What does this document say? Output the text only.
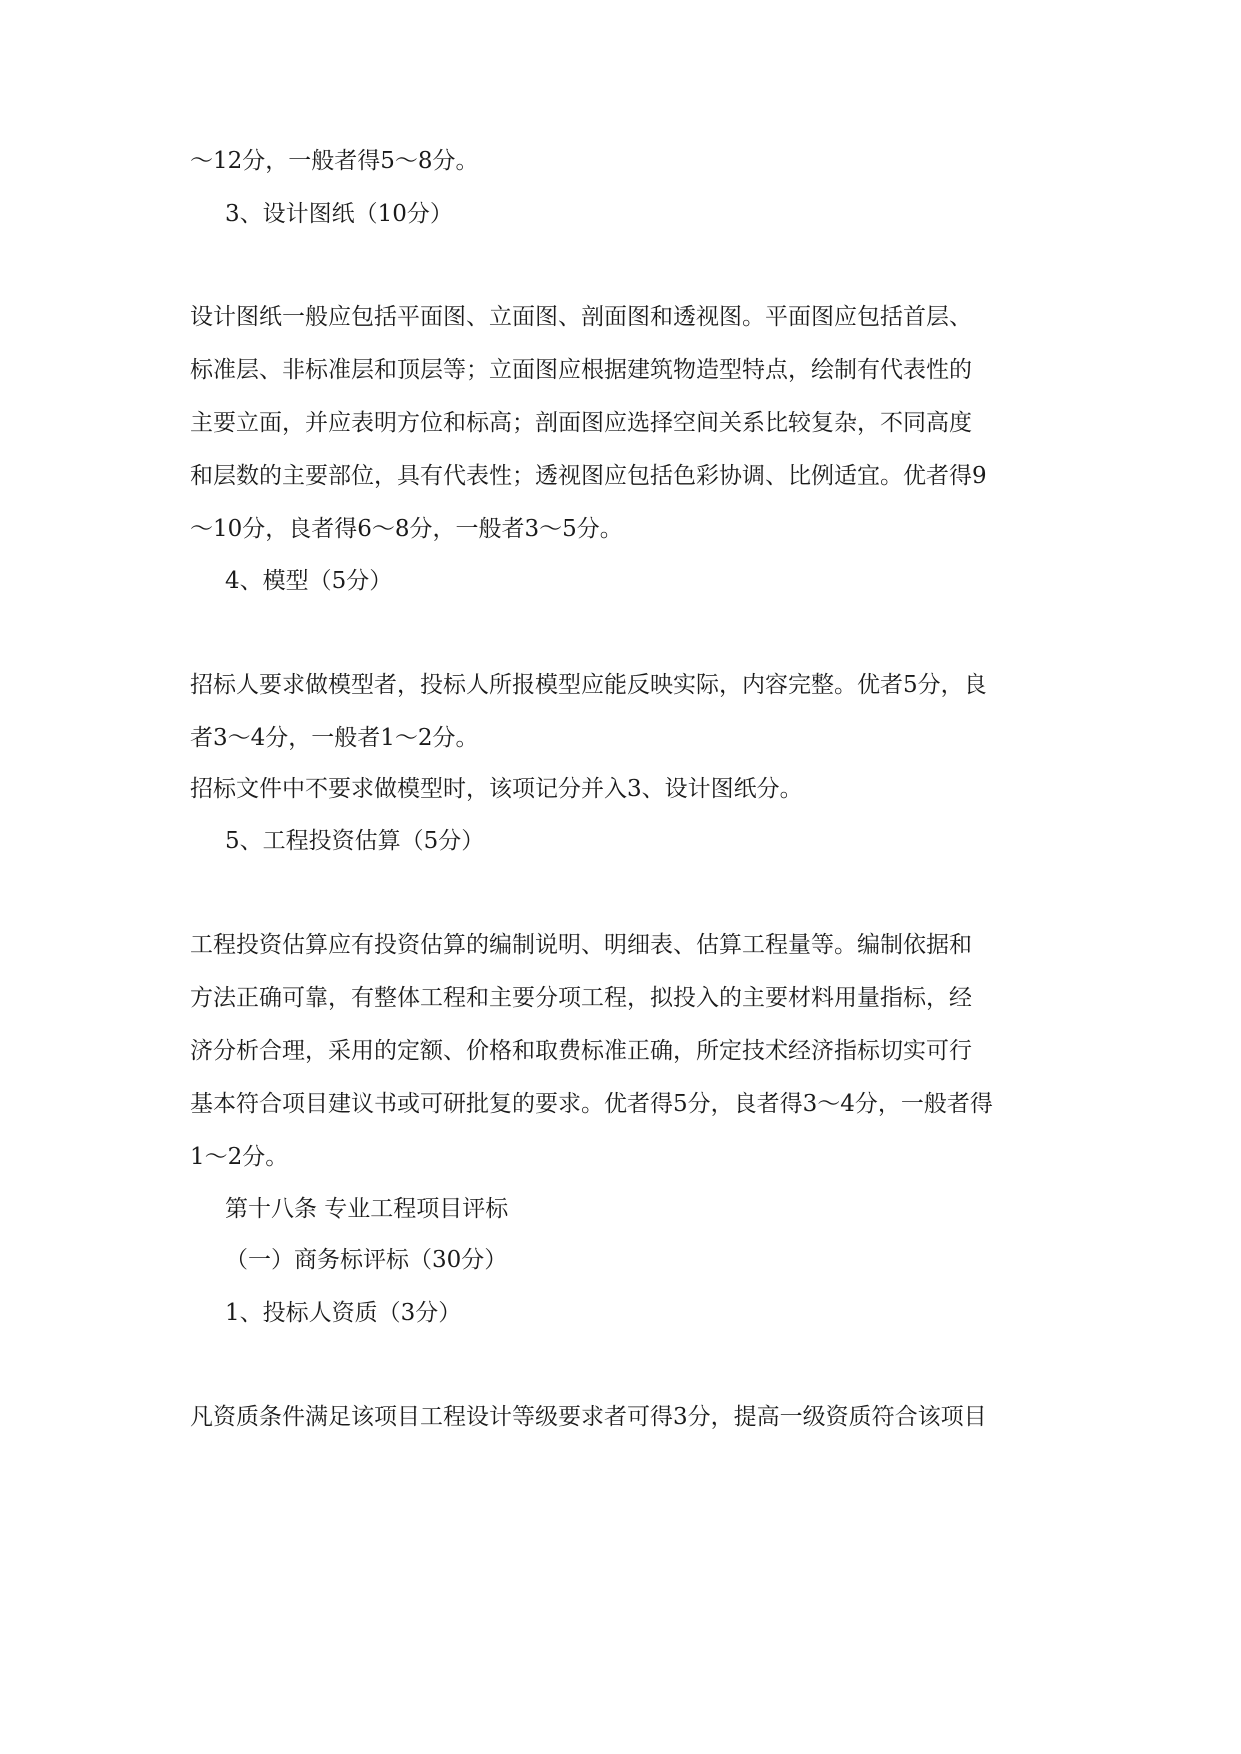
～12分，一般者得5～8分。
3、设计图纸（10分）
设计图纸一般应包括平面图、立面图、剖面图和透视图。平面图应包括首层、
标准层、非标准层和顶层等；立面图应根据建筑物造型特点，绘制有代表性的
主要立面，并应表明方位和标高；剖面图应选择空间关系比较复杂，不同高度
和层数的主要部位，具有代表性；透视图应包括色彩协调、比例适宜。优者得9
～10分，良者得6～8分，一般者3～5分。
4、模型（5分）
招标人要求做模型者，投标人所报模型应能反映实际，内容完整。优者5分，良
者3～4分，一般者1～2分。
招标文件中不要求做模型时，该项记分并入3、设计图纸分。
5、工程投资估算（5分）
工程投资估算应有投资估算的编制说明、明细表、估算工程量等。编制依据和
方法正确可靠，有整体工程和主要分项工程，拟投入的主要材料用量指标，经
济分析合理，采用的定额、价格和取费标准正确，所定技术经济指标切实可行
基本符合项目建议书或可研批复的要求。优者得5分，良者得3～4分，一般者得
1～2分。
第十八条 专业工程项目评标
（一）商务标评标（30分）
1、投标人资质（3分）
凡资质条件满足该项目工程设计等级要求者可得3分，提高一级资质符合该项目
